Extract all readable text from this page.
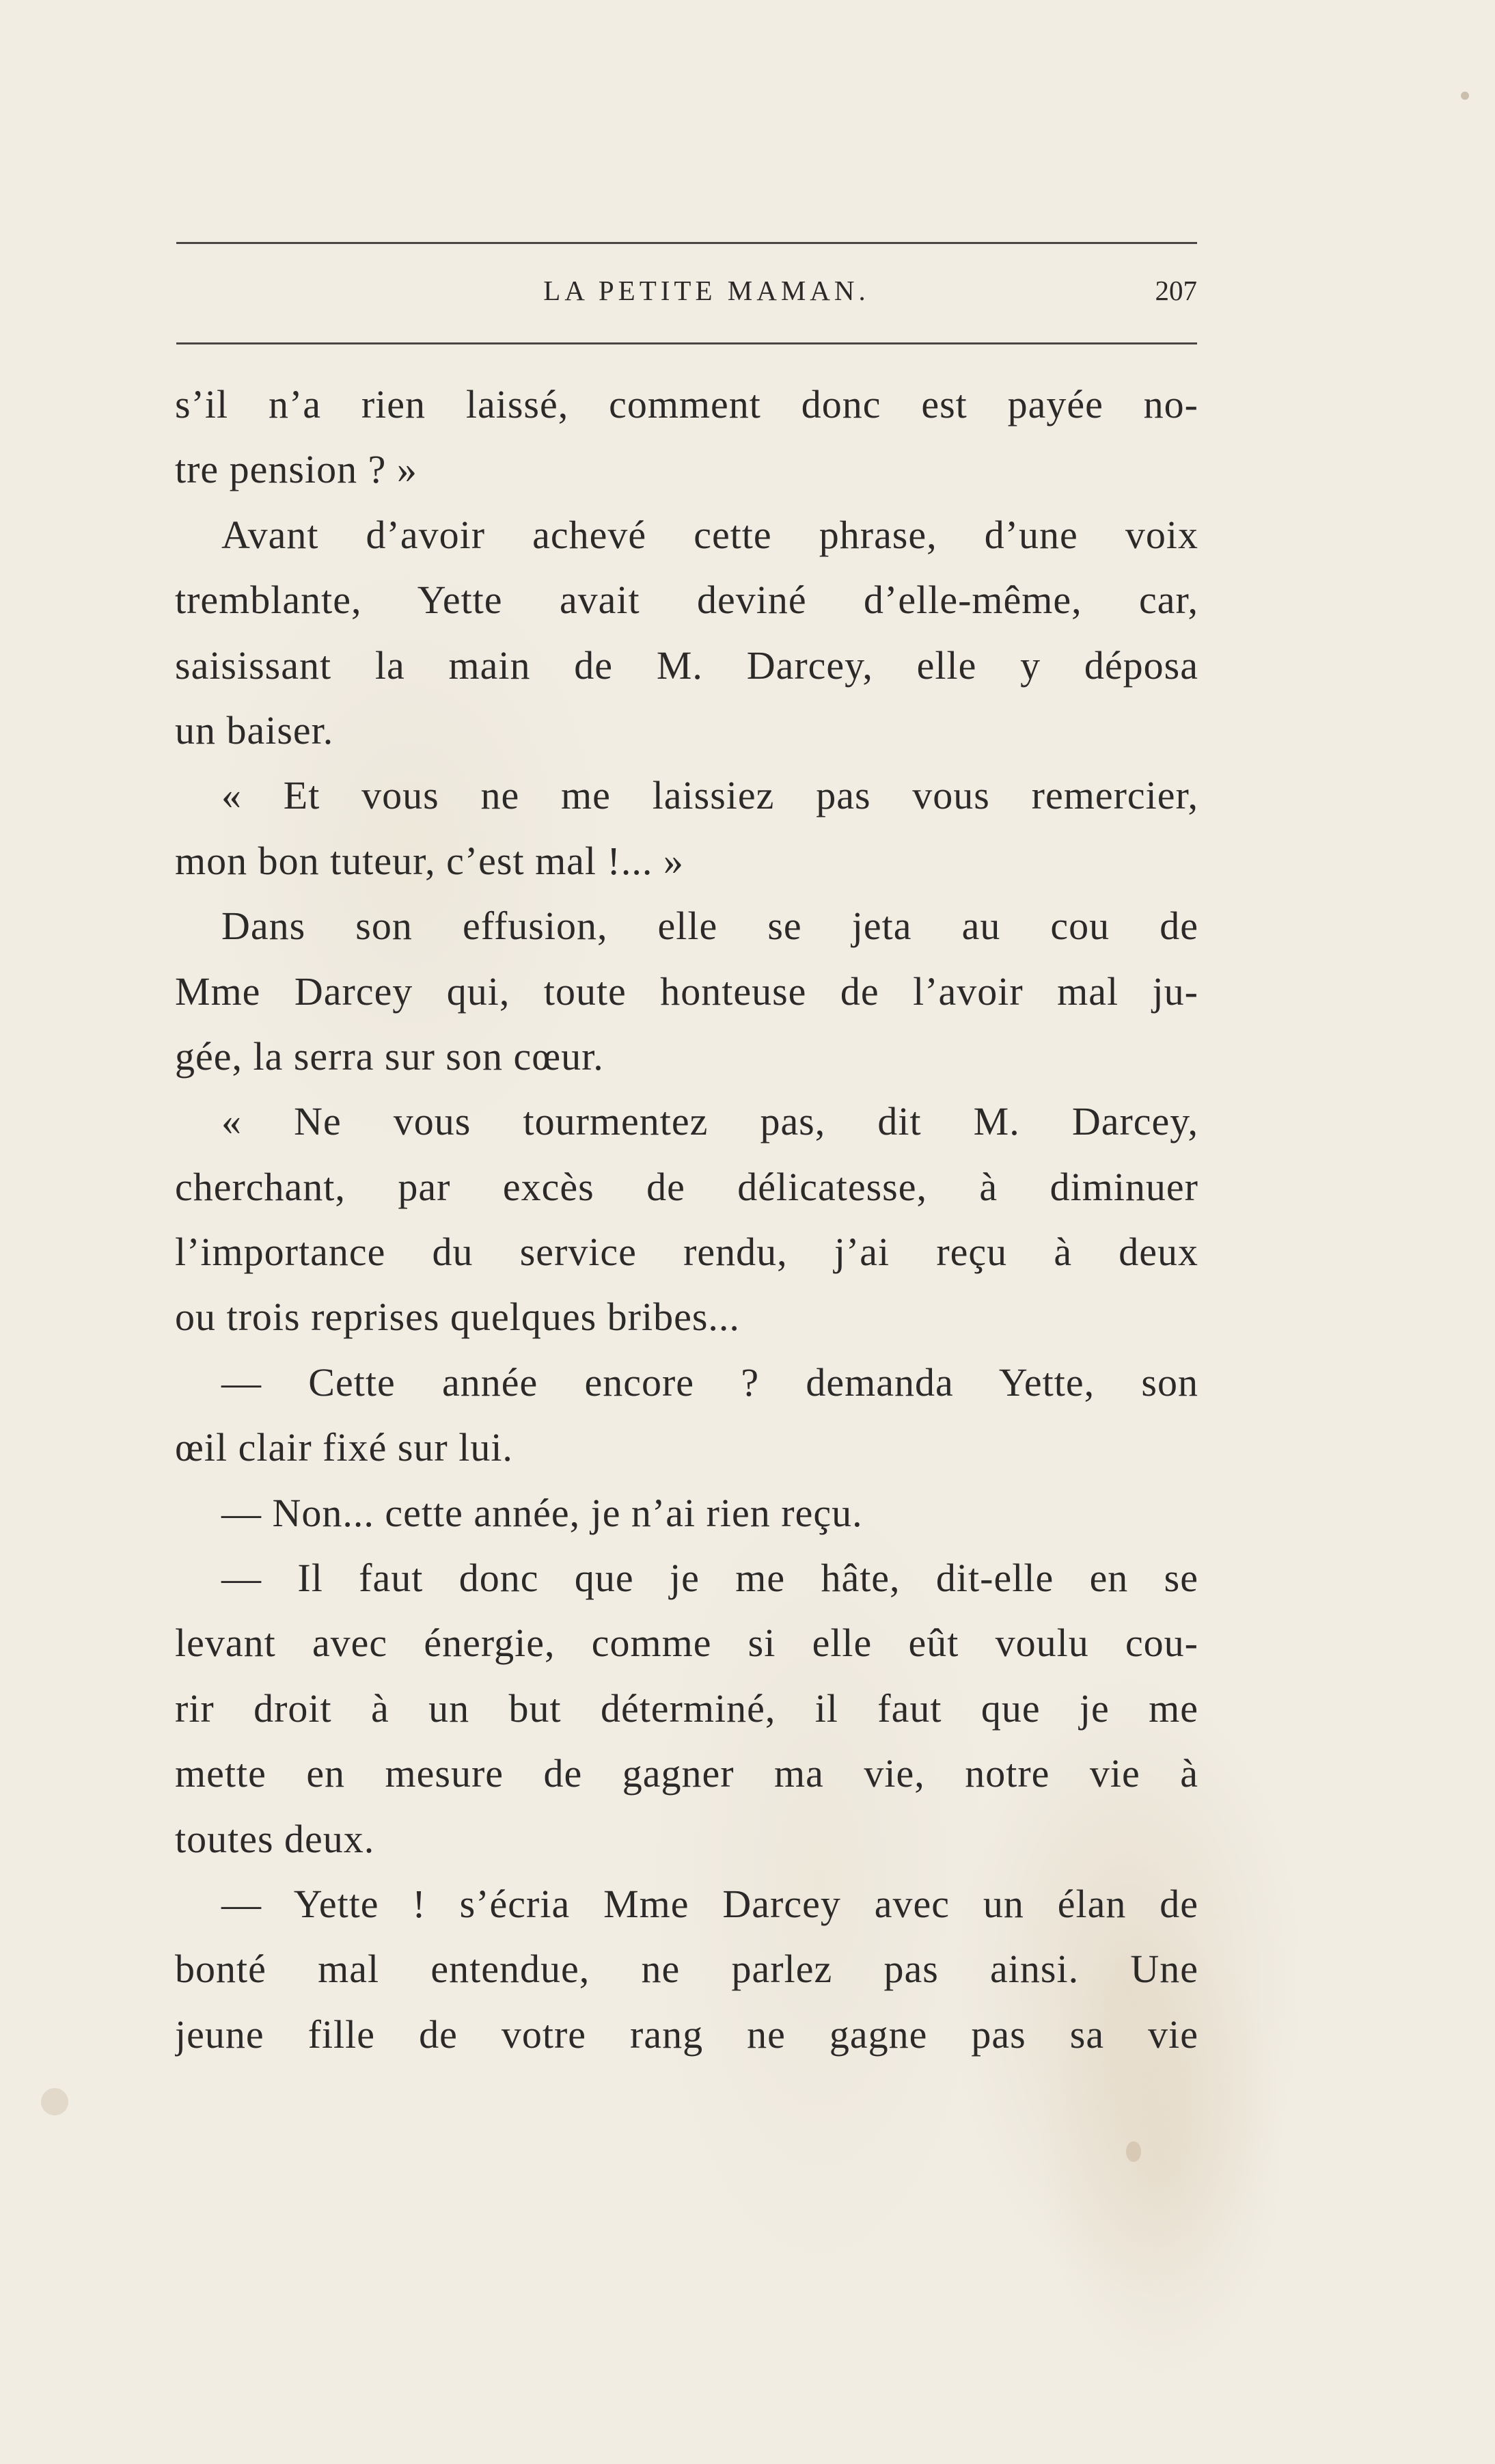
LA PETITE MAMAN.	207
s’il n’a rien laissé, comment donc est payée no-
tre pension ? »
Avant d’avoir achevé cette phrase, d’une voix
tremblante, Yette avait deviné d’elle-même, car,
saisissant la main de M. Darcey, elle y déposa
un baiser.
« Et vous ne me laissiez pas vous remercier,
mon bon tuteur, c’est mal !... »
Dans son effusion, elle se jeta au cou de
Mme Darcey qui, toute honteuse de l’avoir mal ju-
gée, la serra sur son cœur.
« Ne vous tourmentez pas, dit M. Darcey,
cherchant, par excès de délicatesse, à diminuer
l’importance du service rendu, j’ai reçu à deux
ou trois reprises quelques bribes...
— Cette année encore ? demanda Yette, son
œil clair fixé sur lui.
— Non... cette année, je n’ai rien reçu.
— Il faut donc que je me hâte, dit-elle en se
levant avec énergie, comme si elle eût voulu cou-
rir droit à un but déterminé, il faut que je me
mette en mesure de gagner ma vie, notre vie à
toutes deux.
— Yette ! s’écria Mme Darcey avec un élan de
bonté mal entendue, ne parlez pas ainsi. Une
jeune fille de votre rang ne gagne pas sa vie
